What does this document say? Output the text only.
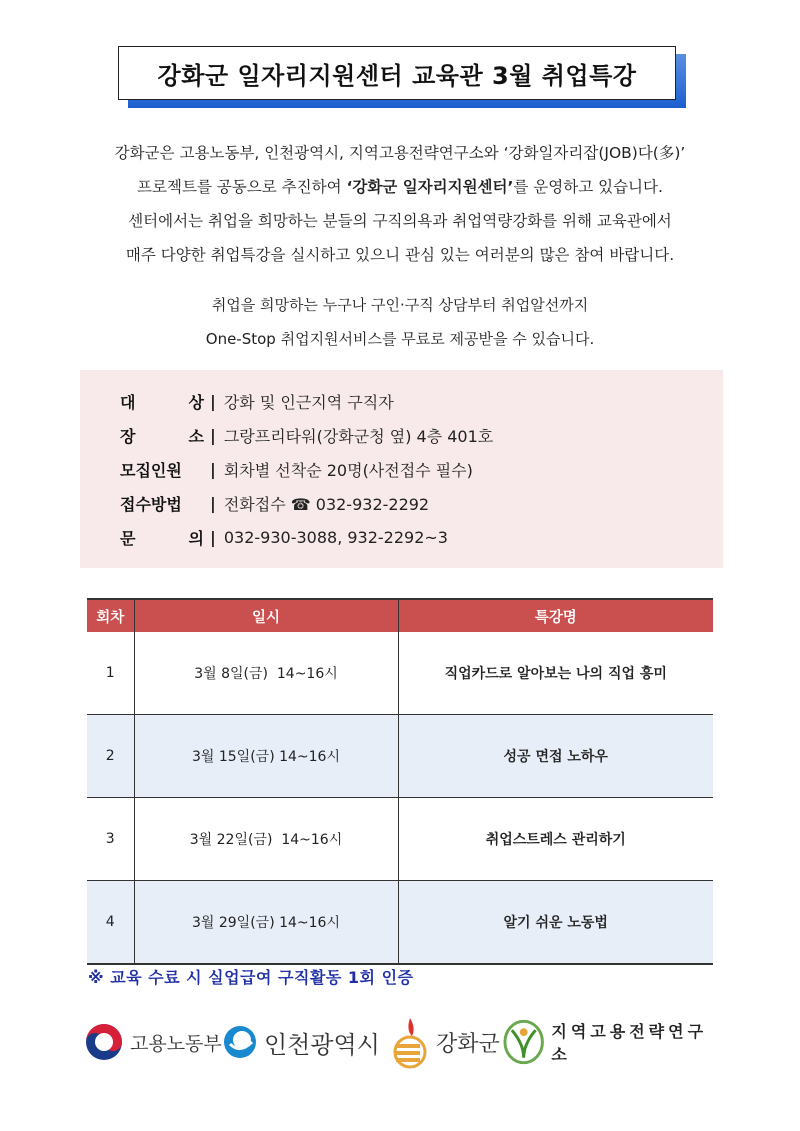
강화군 일자리지원센터 교육관 3월 취업특강

강화군은 고용노동부, 인천광역시, 지역고용전략연구소와 ‘강화일자리잡(JOB)다(多)’

프로젝트를 공동으로 추진하여 ‘강화군 일자리지원센터’를 운영하고 있습니다.

센터에서는 취업을 희망하는 분들의 구직의욕과 취업역량강화를 위해 교육관에서

매주 다양한 취업특강을 실시하고 있으니 관심 있는 여러분의 많은 참여 바랍니다.

취업을 희망하는 누구나 구인·구직 상담부터 취업알선까지

One-Stop 취업지원서비스를 무료로 제공받을 수 있습니다.

대	상 | 강화 및 인근지역 구직자
장	소 | 그랑프리타워(강화군청 옆) 4층 401호
모집인원 | 회차별 선착순 20명(사전접수 필수)
접수방법 | 전화접수 ☎ 032-932-2292
문	의 | 032-930-3088, 932-2292~3
회차	일시	특강명
1	3월 8일(금)  14~16시	직업카드로 알아보는 나의 직업 흥미
2	3월 15일(금) 14~16시	성공 면접 노하우
3	3월 22일(금)  14~16시	취업스트레스 관리하기
4	3월 29일(금) 14~16시	알기 쉬운 노동법
※ 교육 수료 시 실업급여 구직활동 1회 인증
고용노동부 인천광역시	강화군	지역고용전략연구소
